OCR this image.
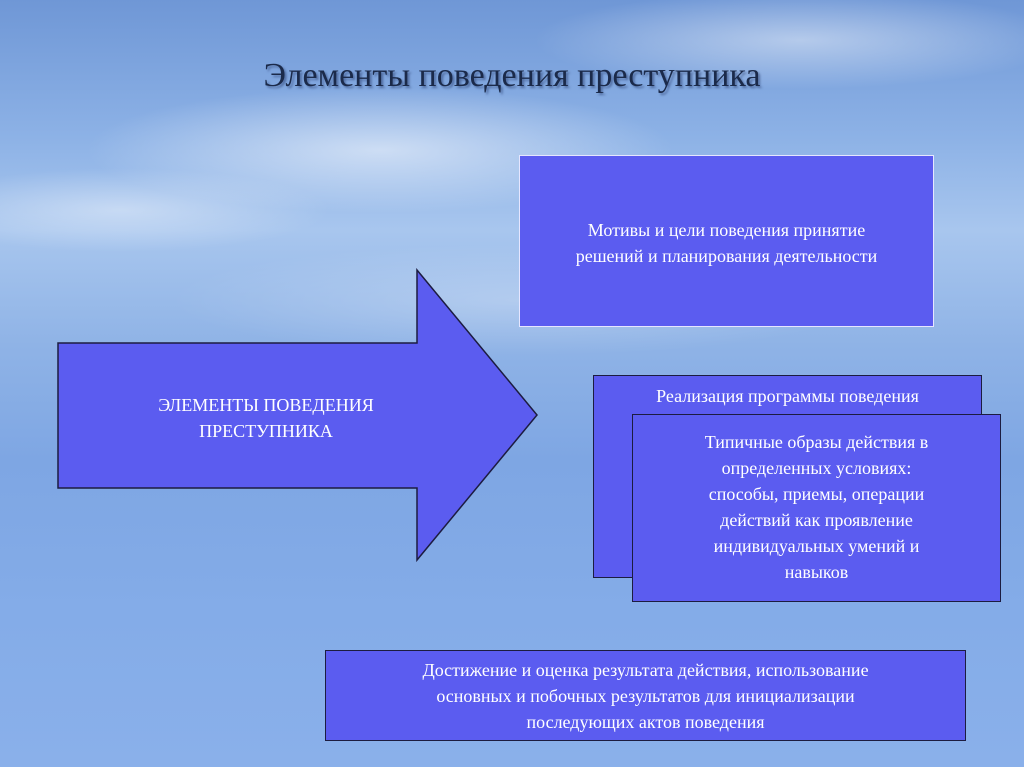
Элементы поведения преступника
ЭЛЕМЕНТЫ ПОВЕДЕНИЯ
ПРЕСТУПНИКА
Мотивы и цели поведения принятие
решений и планирования деятельности
Реализация программы поведения
Типичные образы действия в
определенных условиях:
способы, приемы, операции
действий как проявление
индивидуальных умений и
навыков
Достижение и оценка результата действия, использование
основных и побочных результатов для инициализации
последующих актов поведения
